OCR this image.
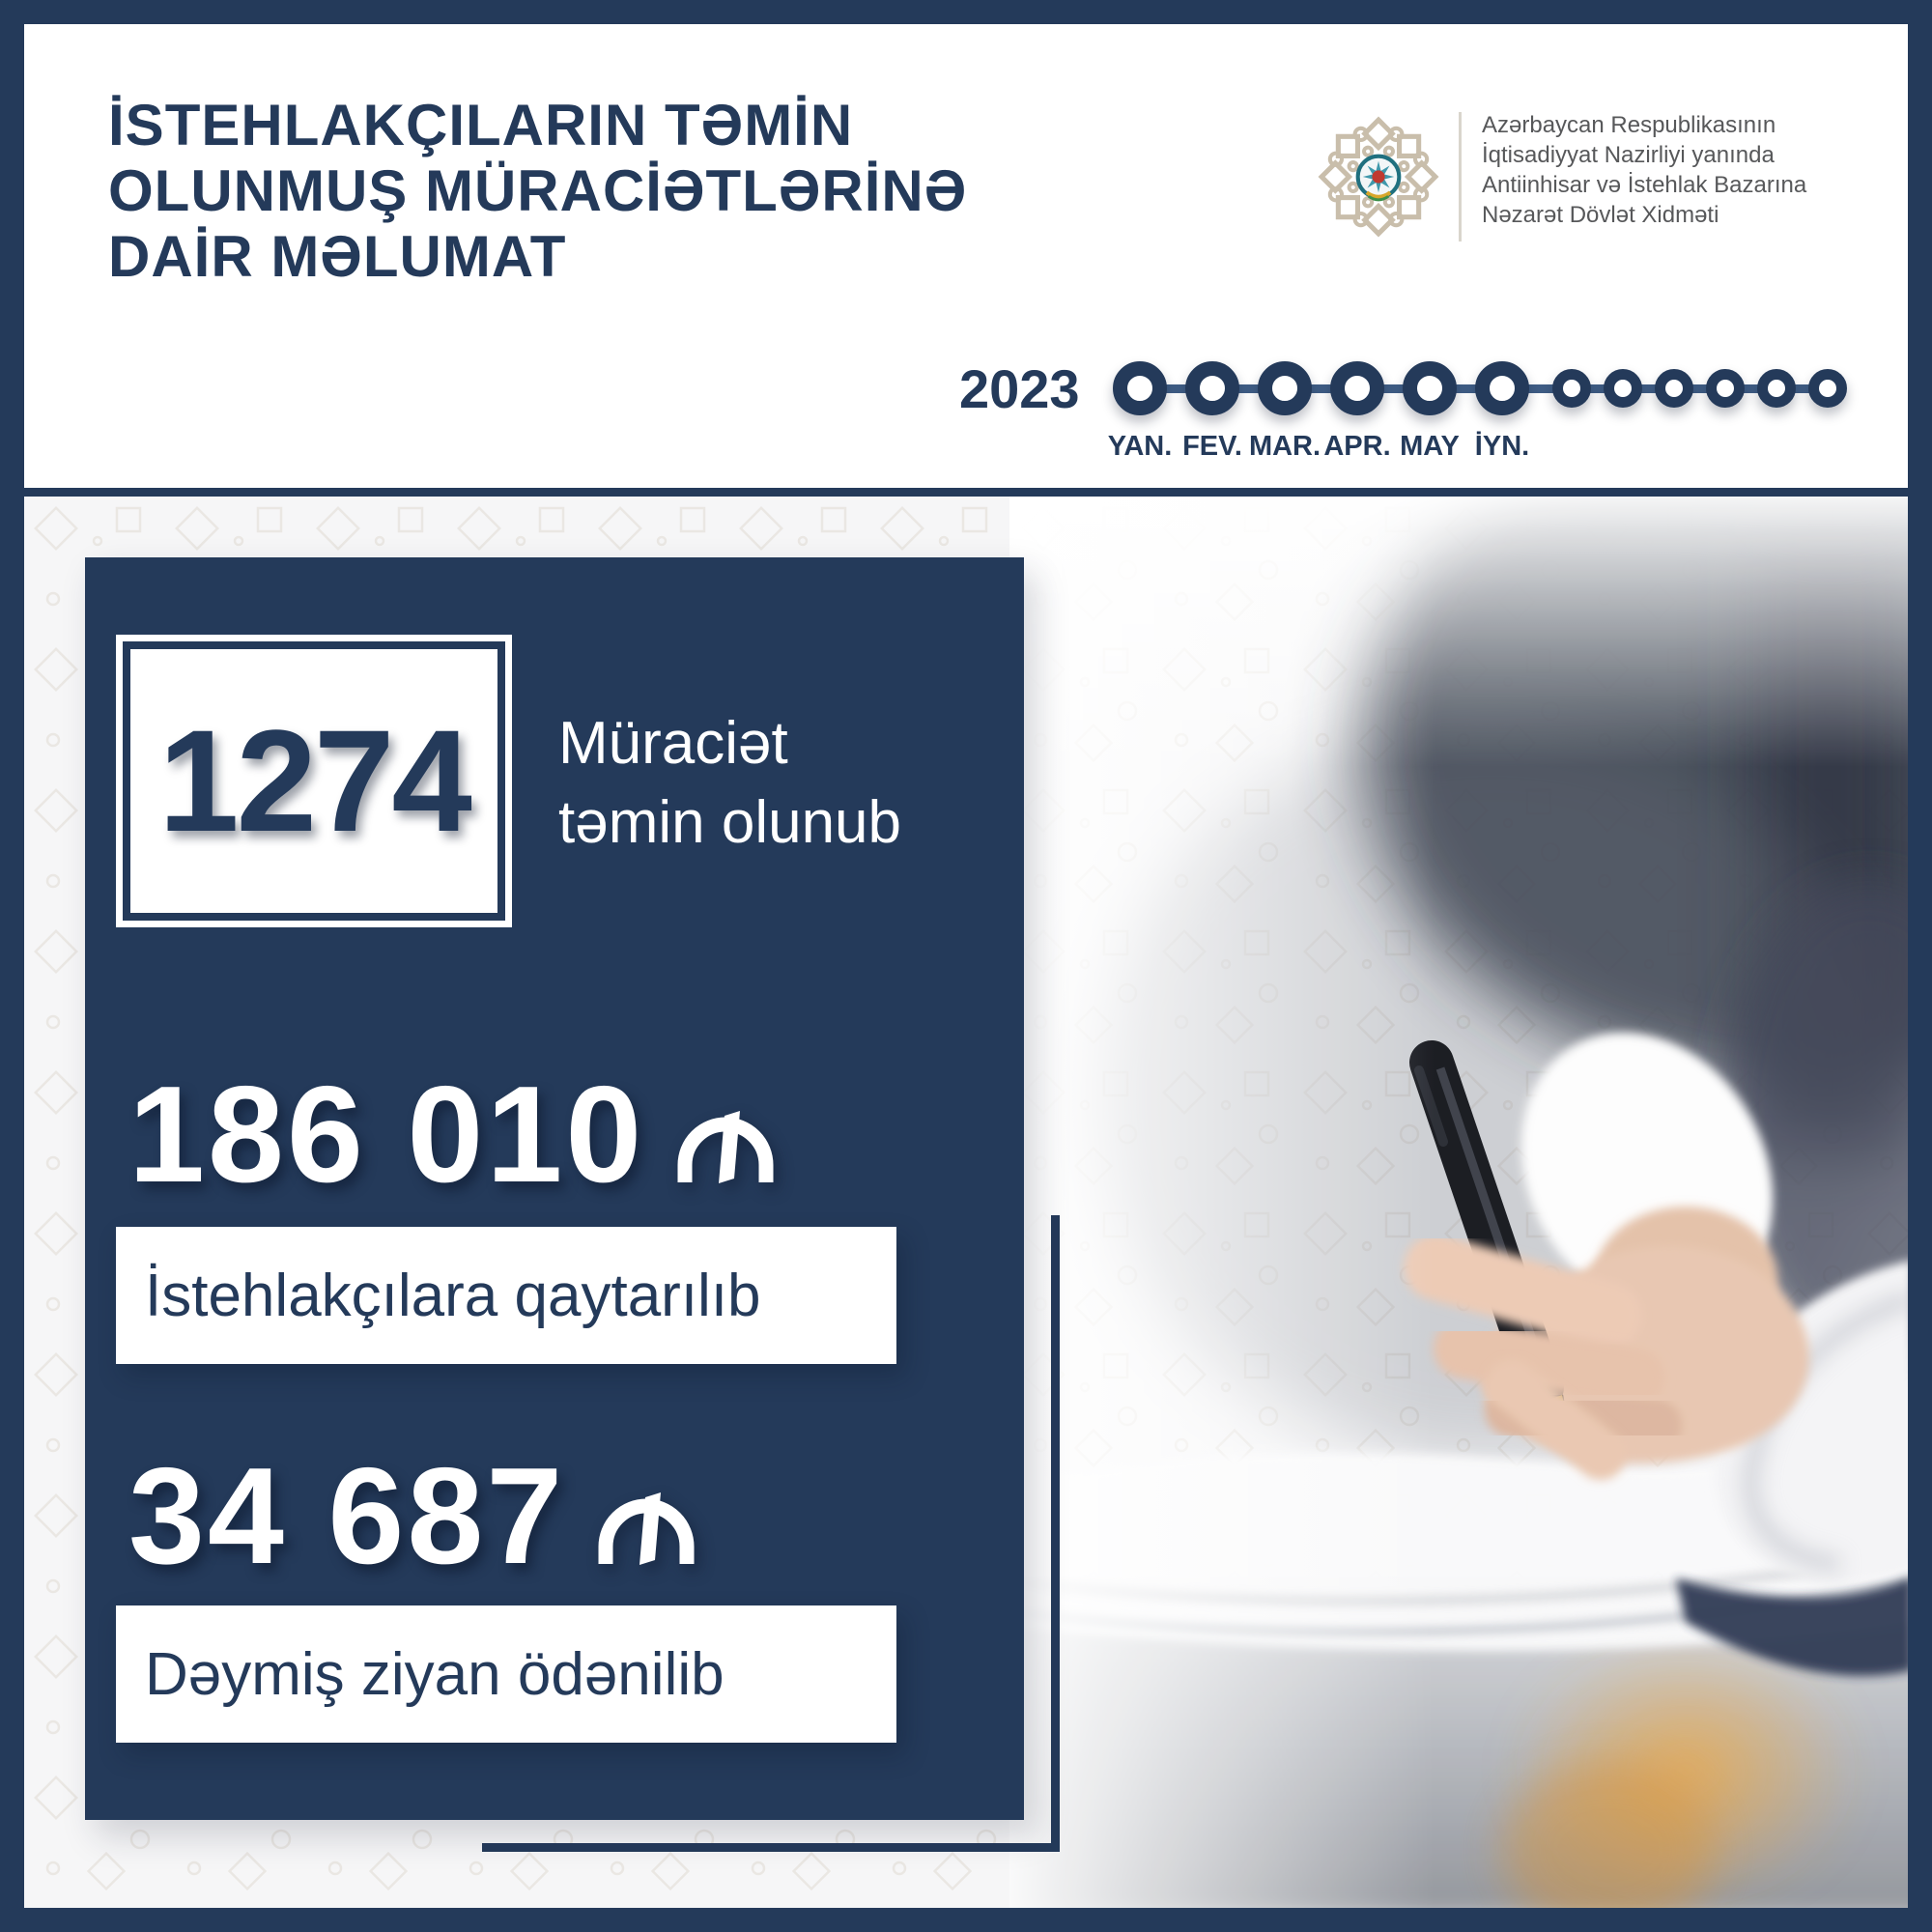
İSTEHLAKÇILARIN TƏMİN
OLUNMUŞ MÜRACİƏTLƏRİNƏ
DAİR MƏLUMAT
Azərbaycan Respublikasının
İqtisadiyyat Nazirliyi yanında
Antiinhisar və İstehlak Bazarına
Nəzarət Dövlət Xidməti
2023
YAN. FEV. MAR. APR. MAY İYN.
1274 Müraciət
təmin olunub
186 010
İstehlakçılara qaytarılıb
34 687
Dəymiş ziyan ödənilib
